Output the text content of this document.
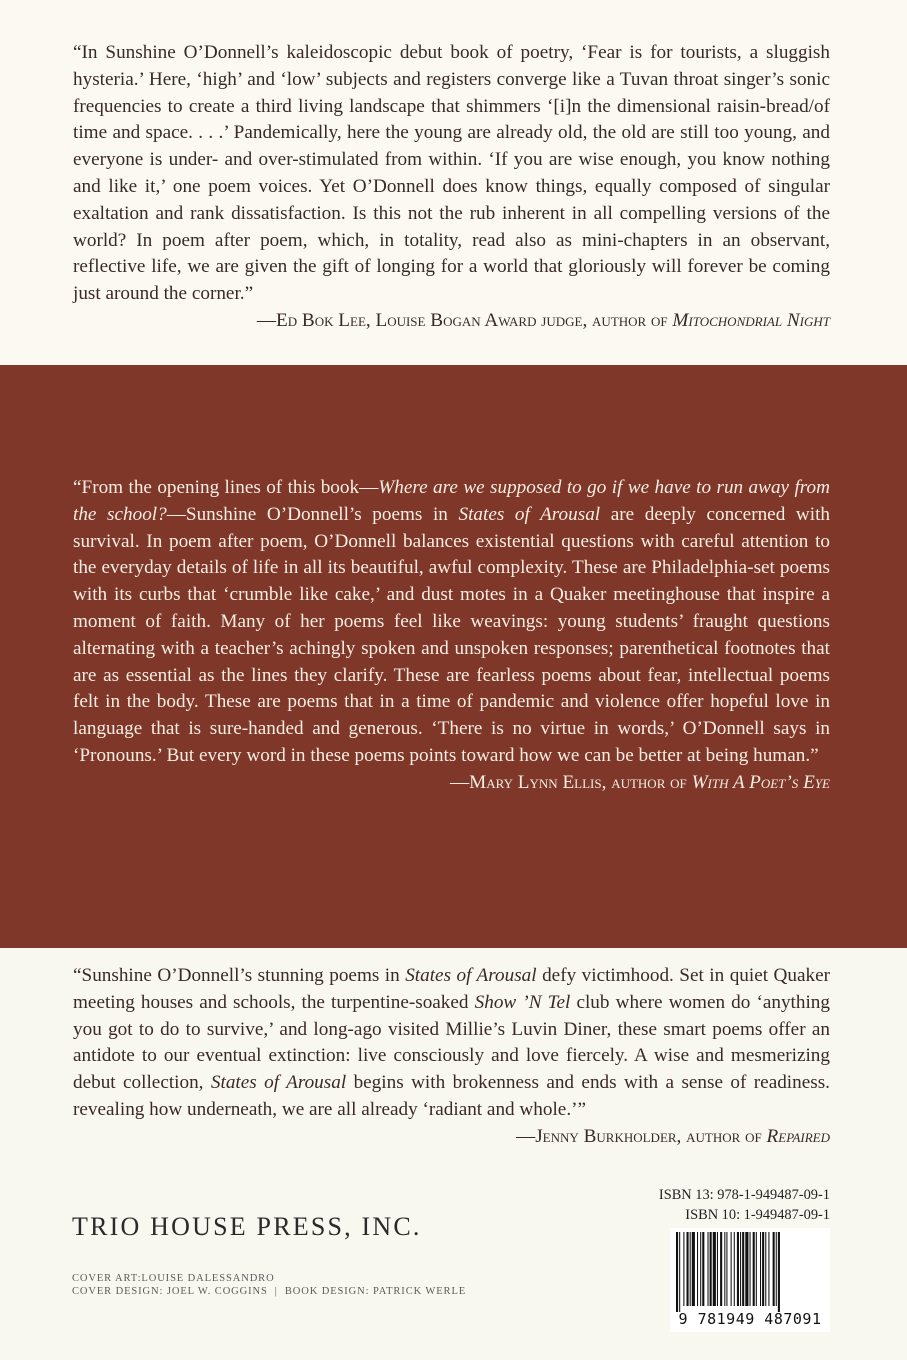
“In Sunshine O’Donnell’s kaleidoscopic debut book of poetry, ‘Fear is for tourists, a sluggish hysteria.’ Here, ‘high’ and ‘low’ subjects and registers converge like a Tuvan throat singer’s sonic frequencies to create a third living landscape that shimmers ‘[i]n the dimensional raisin-bread/of time and space. . . .’ Pandemically, here the young are already old, the old are still too young, and everyone is under- and over-stimulated from within. ‘If you are wise enough, you know nothing and like it,’ one poem voices. Yet O’Donnell does know things, equally composed of singular exaltation and rank dissatisfaction. Is this not the rub inherent in all compelling versions of the world? In poem after poem, which, in totality, read also as mini-chapters in an observant, reflective life, we are given the gift of longing for a world that gloriously will forever be coming just around the corner.”

—Ed Bok Lee, Louise Bogan Award judge, author of Mitochondrial Night

“From the opening lines of this book—Where are we supposed to go if we have to run away from the school?—Sunshine O’Donnell’s poems in States of Arousal are deeply concerned with survival. In poem after poem, O’Donnell balances existential questions with careful attention to the everyday details of life in all its beautiful, awful complexity. These are Philadelphia-set poems with its curbs that ‘crumble like cake,’ and dust motes in a Quaker meetinghouse that inspire a moment of faith. Many of her poems feel like weavings: young students’ fraught questions alternating with a teacher’s achingly spoken and unspoken responses; parenthetical footnotes that are as essential as the lines they clarify. These are fearless poems about fear, intellectual poems felt in the body. These are poems that in a time of pandemic and violence offer hopeful love in language that is sure-handed and generous. ‘There is no virtue in words,’ O’Donnell says in ‘Pronouns.’ But every word in these poems points toward how we can be better at being human.”

—Mary Lynn Ellis, author of With A Poet’s Eye

“Sunshine O’Donnell’s stunning poems in States of Arousal defy victimhood. Set in quiet Quaker meeting houses and schools, the turpentine-soaked Show ’N Tel club where women do ‘anything you got to do to survive,’ and long-ago visited Millie’s Luvin Diner, these smart poems offer an antidote to our eventual extinction: live consciously and love fiercely. A wise and mesmerizing debut collection, States of Arousal begins with brokenness and ends with a sense of readiness. revealing how underneath, we are all already ‘radiant and whole.’”

—Jenny Burkholder, author of Repaired

TRIO HOUSE PRESS, INC.
COVER ART:LOUISE DALESSANDRO
COVER DESIGN: JOEL W. COGGINS  |  BOOK DESIGN: PATRICK WERLE
ISBN 13: 978-1-949487-09-1
ISBN 10: 1-949487-09-1
9 781949 487091
